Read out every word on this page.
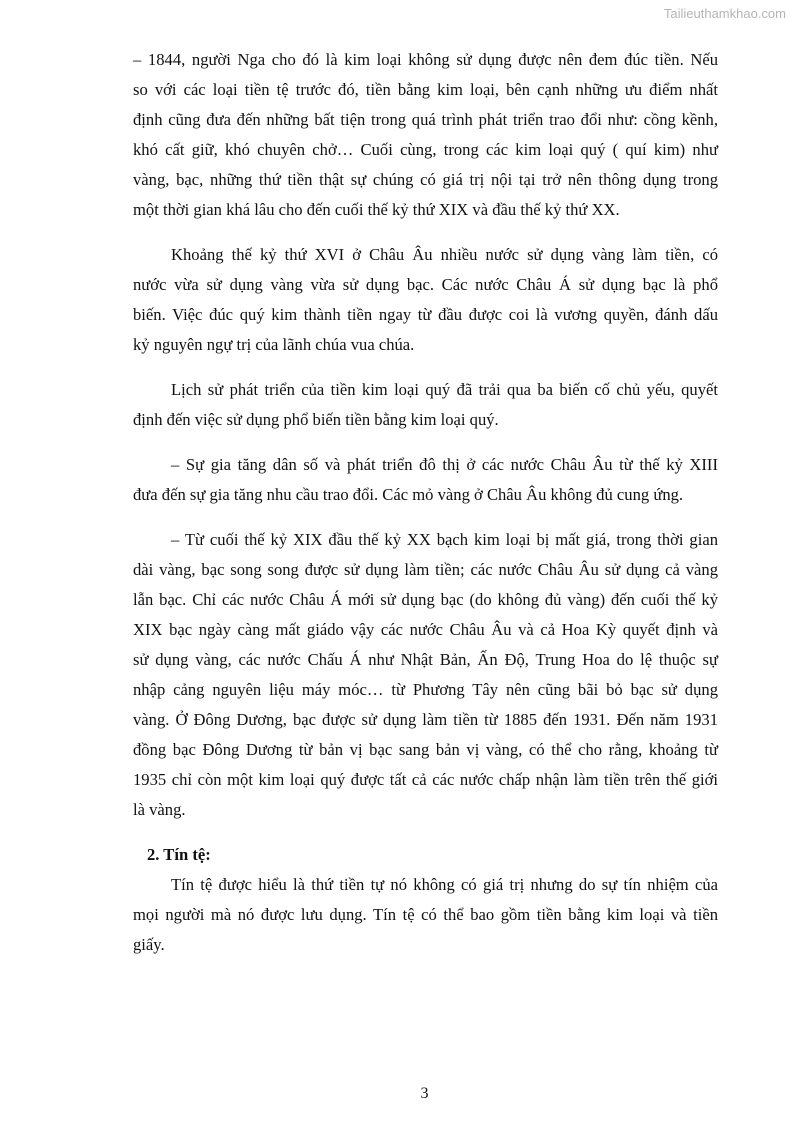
Tailieuthamkhao.com
– 1844, người Nga cho đó là kim loại không sử dụng được nên đem đúc tiền. Nếu
so với các loại tiền tệ trước đó, tiền bằng kim loại, bên cạnh những ưu điểm nhất
định cũng đưa đến những bất tiện trong quá trình phát triển trao đổi như: cồng kềnh,
khó cất giữ, khó chuyên chở… Cuối cùng, trong các kim loại quý ( quí kim) như
vàng, bạc, những thứ tiền thật sự chúng có giá trị nội tại trở nên thông dụng trong
một thời gian khá lâu cho đến cuối thế kỷ thứ XIX và đầu thế kỷ thứ XX.
Khoảng thế kỷ thứ XVI ở Châu Âu nhiều nước sử dụng vàng làm tiền, có
nước vừa sử dụng vàng vừa sử dụng bạc. Các nước Châu Á sử dụng bạc là phổ
biến. Việc đúc quý kim thành tiền ngay từ đầu được coi là vương quyền, đánh dấu
kỷ nguyên ngự trị của lãnh chúa vua chúa.
Lịch sử phát triển của tiền kim loại quý đã trải qua ba biến cố chủ yếu, quyết
định đến việc sử dụng phổ biến tiền bằng kim loại quý.
– Sự gia tăng dân số và phát triển đô thị ở các nước Châu Âu từ thế kỷ XIII
đưa đến sự gia tăng nhu cầu trao đổi. Các mỏ vàng ở Châu Âu không đủ cung ứng.
– Từ cuối thế kỷ XIX đầu thế kỷ XX bạch kim loại bị mất giá, trong thời gian
dài vàng, bạc song song được sử dụng làm tiền; các nước Châu Âu sử dụng cả vàng
lẫn bạc. Chỉ các nước Châu Á mới sử dụng bạc (do không đủ vàng) đến cuối thế kỷ
XIX bạc ngày càng mất giádo vậy các nước Châu Âu và cả Hoa Kỳ quyết định và
sử dụng vàng, các nước Chấu Á như Nhật Bản, Ấn Độ, Trung Hoa do lệ thuộc sự
nhập cảng nguyên liệu máy móc… từ Phương Tây nên cũng bãi bỏ bạc sử dụng
vàng. Ở Đông Dương, bạc được sử dụng làm tiền từ 1885 đến 1931. Đến năm 1931
đồng bạc Đông Dương từ bản vị bạc sang bản vị vàng, có thể cho rằng, khoảng từ
1935 chỉ còn một kim loại quý được tất cả các nước chấp nhận làm tiền trên thế giới
là vàng.
2. Tín tệ:
Tín tệ được hiểu là thứ tiền tự nó không có giá trị nhưng do sự tín nhiệm của
mọi người mà nó được lưu dụng. Tín tệ có thể bao gồm tiền bằng kim loại và tiền
giấy.
3
